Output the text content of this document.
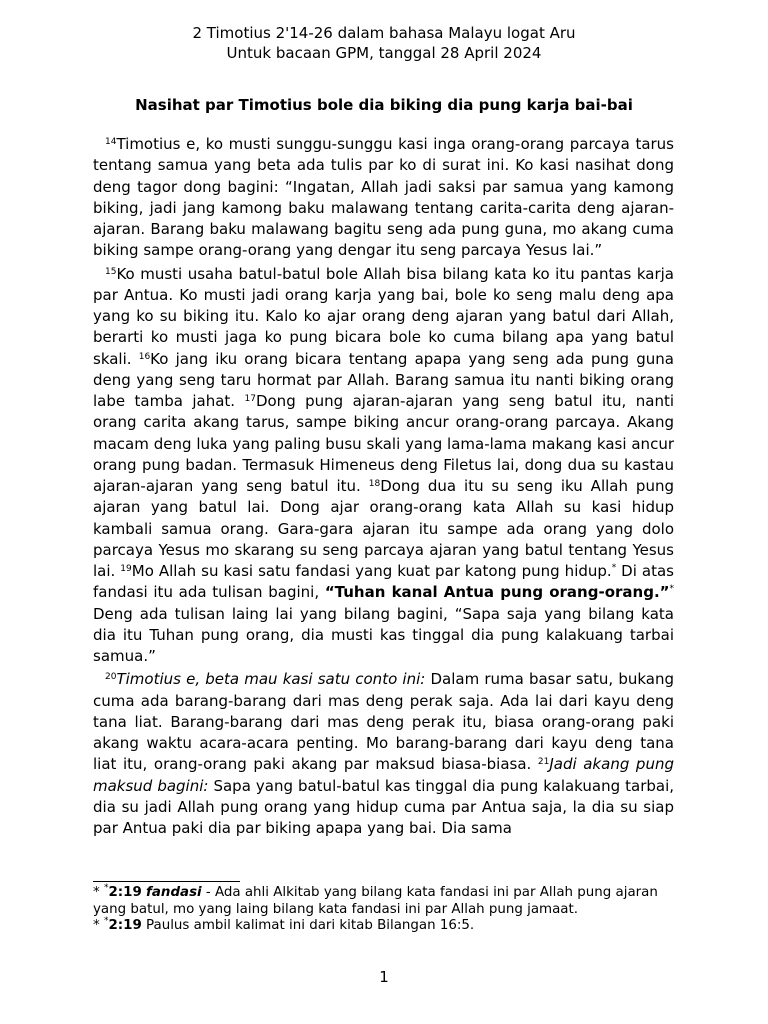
2 Timotius 2'14-26 dalam bahasa Malayu logat Aru
Untuk bacaan GPM, tanggal 28 April 2024
Nasihat par Timotius bole dia biking dia pung karja bai-bai

$^{14}$Timotius e, ko musti sunggu-sunggu kasi inga orang-orang parcaya tarus tentang samua yang beta ada tulis par ko di surat ini. Ko kasi nasihat dong deng tagor dong bagini: “Ingatan, Allah jadi saksi par samua yang kamong biking, jadi jang kamong baku malawang tentang carita-carita deng ajaran-ajaran. Barang baku malawang bagitu seng ada pung guna, mo akang cuma biking sampe orang-orang yang dengar itu seng parcaya Yesus lai.”

$^{15}$Ko musti usaha batul-batul bole Allah bisa bilang kata ko itu pantas karja par Antua. Ko musti jadi orang karja yang bai, bole ko seng malu deng apa yang ko su biking itu. Kalo ko ajar orang deng ajaran yang batul dari Allah, berarti ko musti jaga ko pung bicara bole ko cuma bilang apa yang batul skali. $^{16}$Ko jang iku orang bicara tentang apapa yang seng ada pung guna deng yang seng taru hormat par Allah. Barang samua itu nanti biking orang labe tamba jahat. $^{17}$Dong pung ajaran-ajaran yang seng batul itu, nanti orang carita akang tarus, sampe biking ancur orang-orang parcaya. Akang macam deng luka yang paling busu skali yang lama-lama makang kasi ancur orang pung badan. Termasuk Himeneus deng Filetus lai, dong dua su kastau ajaran-ajaran yang seng batul itu. $^{18}$Dong dua itu su seng iku Allah pung ajaran yang batul lai. Dong ajar orang-orang kata Allah su kasi hidup kambali samua orang. Gara-gara ajaran itu sampe ada orang yang dolo parcaya Yesus mo skarang su seng parcaya ajaran yang batul tentang Yesus lai. $^{19}$Mo Allah su kasi satu fandasi yang kuat par katong pung hidup.* Di atas fandasi itu ada tulisan bagini, “Tuhan kanal Antua pung orang-orang.”* Deng ada tulisan laing lai yang bilang bagini, “Sapa saja yang bilang kata dia itu Tuhan pung orang, dia musti kas tinggal dia pung kalakuang tarbai samua.”

$^{20}$Timotius e, beta mau kasi satu conto ini: Dalam ruma basar satu, bukang cuma ada barang-barang dari mas deng perak saja. Ada lai dari kayu deng tana liat. Barang-barang dari mas deng perak itu, biasa orang-orang paki akang waktu acara-acara penting. Mo barang-barang dari kayu deng tana liat itu, orang-orang paki akang par maksud biasa-biasa. $^{21}$Jadi akang pung maksud bagini: Sapa yang batul-batul kas tinggal dia pung kalakuang tarbai, dia su jadi Allah pung orang yang hidup cuma par Antua saja, la dia su siap par Antua paki dia par biking apapa yang bai. Dia sama

* *2:19 fandasi - Ada ahli Alkitab yang bilang kata fandasi ini par Allah pung ajaran yang batul, mo yang laing bilang kata fandasi ini par Allah pung jamaat.

* *2:19 Paulus ambil kalimat ini dari kitab Bilangan 16:5.

1
